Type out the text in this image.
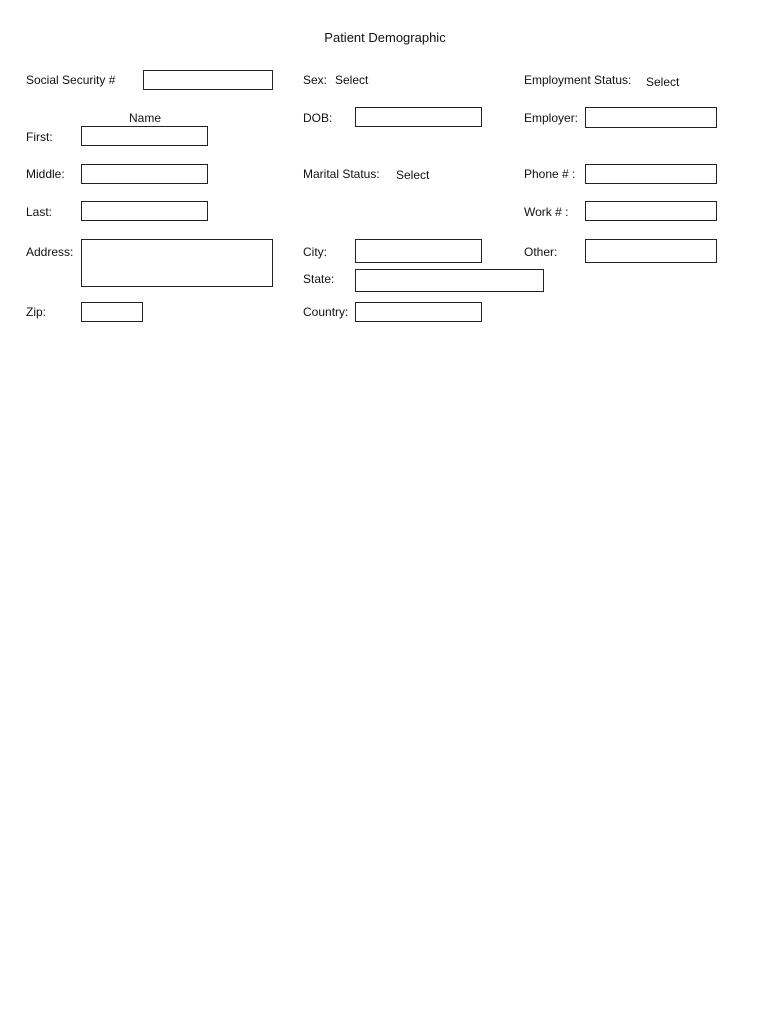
Patient Demographic
Social Security #
Name
First:
Middle:
Last:
Address:
Zip:
Sex: Select
DOB:
Marital Status: Select
City:
State:
Country:
Employment Status: Select
Employer:
Phone # :
Work # :
Other:
